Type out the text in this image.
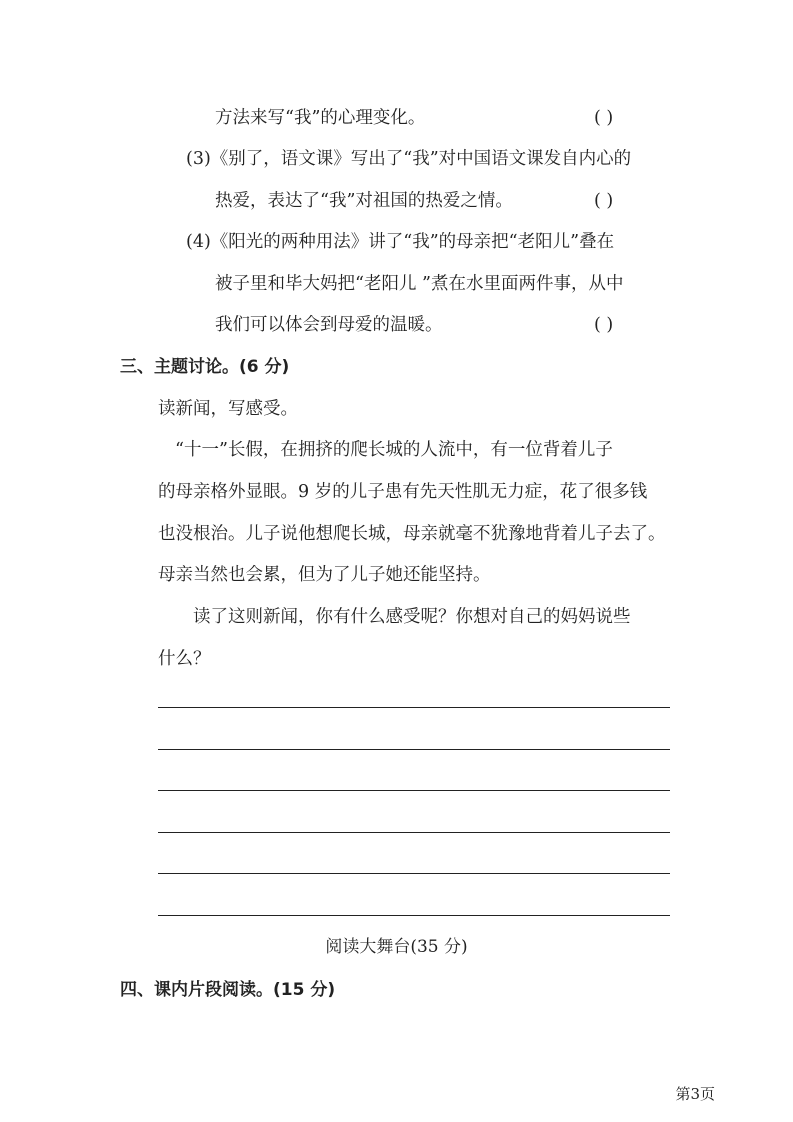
方法来写“我”的心理变化。	( )
(3)《别了，语文课》写出了“我”对中国语文课发自内心的
热爱，表达了“我”对祖国的热爱之情。	( )
(4)《阳光的两种用法》讲了“我”的母亲把“老阳儿”叠在
被子里和毕大妈把“老阳儿 ”煮在水里面两件事，从中
我们可以体会到母爱的温暖。	( )
三、主题讨论。(6 分)
读新闻，写感受。
“十一”长假，在拥挤的爬长城的人流中，有一位背着儿子
的母亲格外显眼。9 岁的儿子患有先天性肌无力症，花了很多钱
也没根治。儿子说他想爬长城，母亲就毫不犹豫地背着儿子去了。
母亲当然也会累，但为了儿子她还能坚持。
读了这则新闻，你有什么感受呢？你想对自己的妈妈说些
什么？
阅读大舞台(35 分)
四、课内片段阅读。(15 分)
第3页
